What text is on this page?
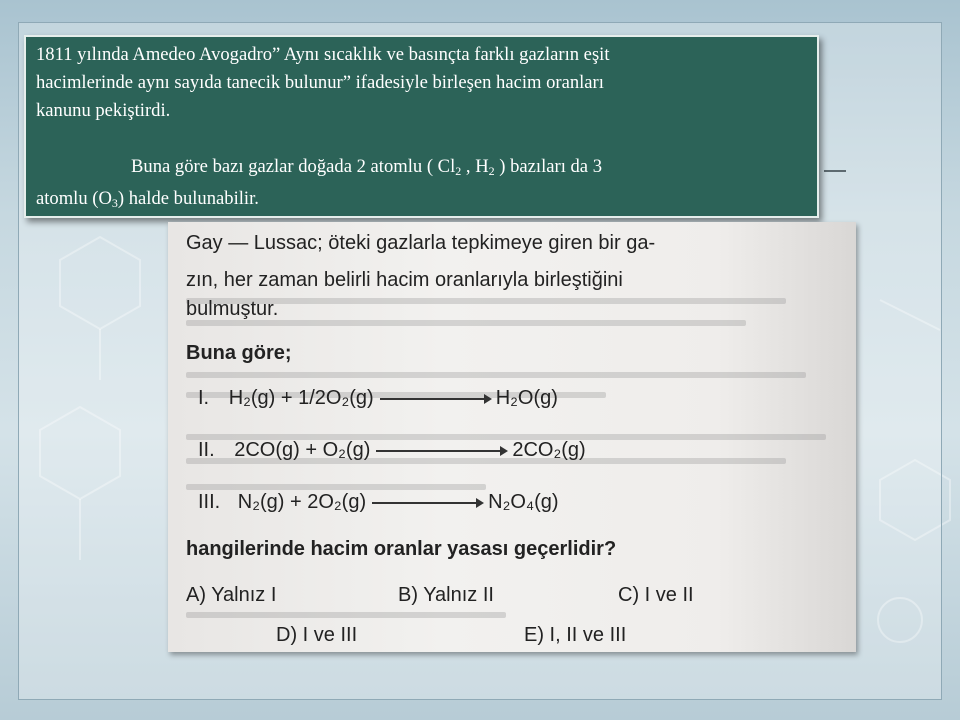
1811 yılında Amedeo Avogadro” Aynı sıcaklık ve basınçta farklı gazların eşit
hacimlerinde aynı sayıda tanecik bulunur” ifadesiyle birleşen hacim oranları
kanunu pekiştirdi.

Buna göre bazı gazlar doğada 2 atomlu ( $Cl_2$ , $H_2$ ) bazıları da 3
atomlu $(O_3)$ halde bulunabilir.

Gay — Lussac; öteki gazlarla tepkimeye giren bir ga-
zın, her zaman belirli hacim oranlarıyla birleştiğini
bulmuştur.
Buna göre;
I. H₂(g) + 1/2O₂(g)	H₂O(g)
II. 2CO(g) + O₂(g)	2CO₂(g)
III. N₂(g) + 2O₂(g)	N₂O₄(g)
hangilerinde hacim oranlar yasası geçerlidir?
A) Yalnız I	B) Yalnız II	C) I ve II
D) I ve III	E) I, II ve III
